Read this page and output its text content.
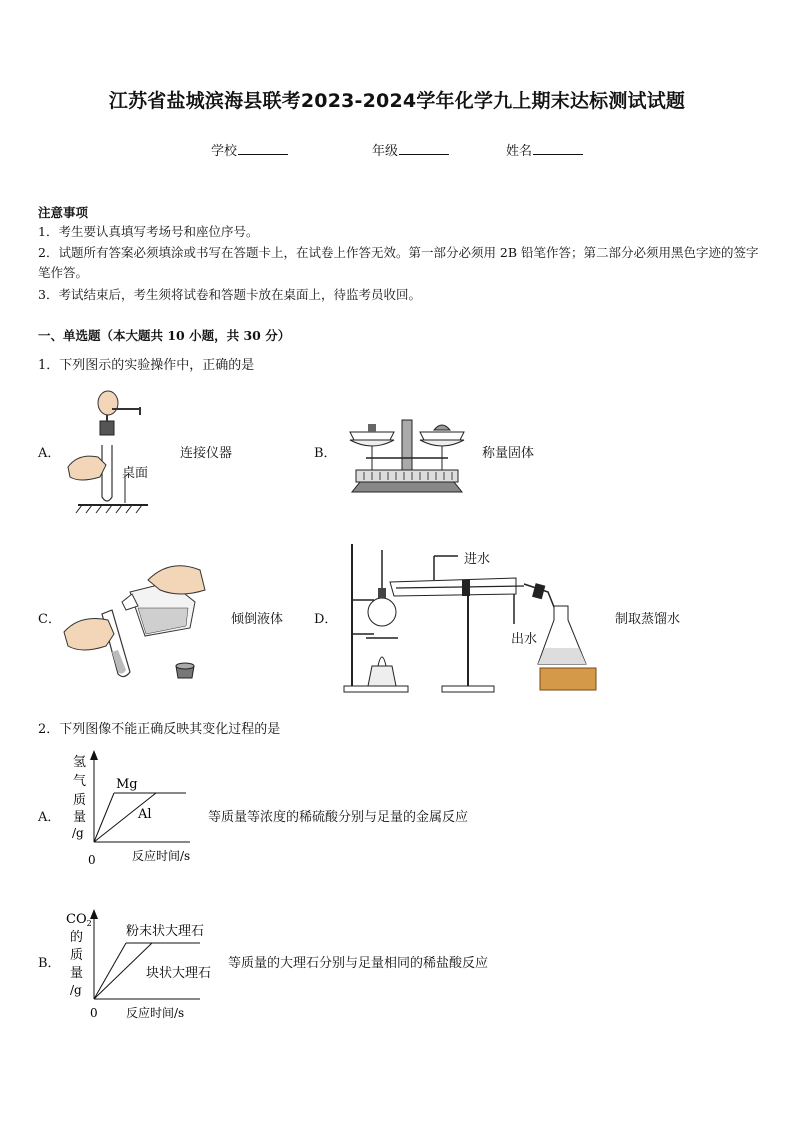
江苏省盐城滨海县联考2023-2024学年化学九上期末达标测试试题
学校	年级	姓名
注意事项
1．考生要认真填写考场号和座位序号。
2．试题所有答案必须填涂或书写在答题卡上，在试卷上作答无效。第一部分必须用 2B 铅笔作答；第二部分必须用黑色字迹的签字笔作答。
3．考试结束后，考生须将试卷和答题卡放在桌面上，待监考员收回。
一、单选题（本大题共 10 小题，共 30 分）
1．下列图示的实验操作中，正确的是
A．
桌面
连接仪器	B．	称量固体
C．	倾倒液体 D．
进水
出水
制取蒸馏水
2．下列图像不能正确反映其变化过程的是
A．
氢
气
质
量
/g
Mg
Al
0	反应时间/s
等质量等浓度的稀硫酸分别与足量的金属反应
B．
$CO_2$
的
质
量
/g
粉末状大理石
块状大理石
0 反应时间/s
等质量的大理石分别与足量相同的稀盐酸反应
